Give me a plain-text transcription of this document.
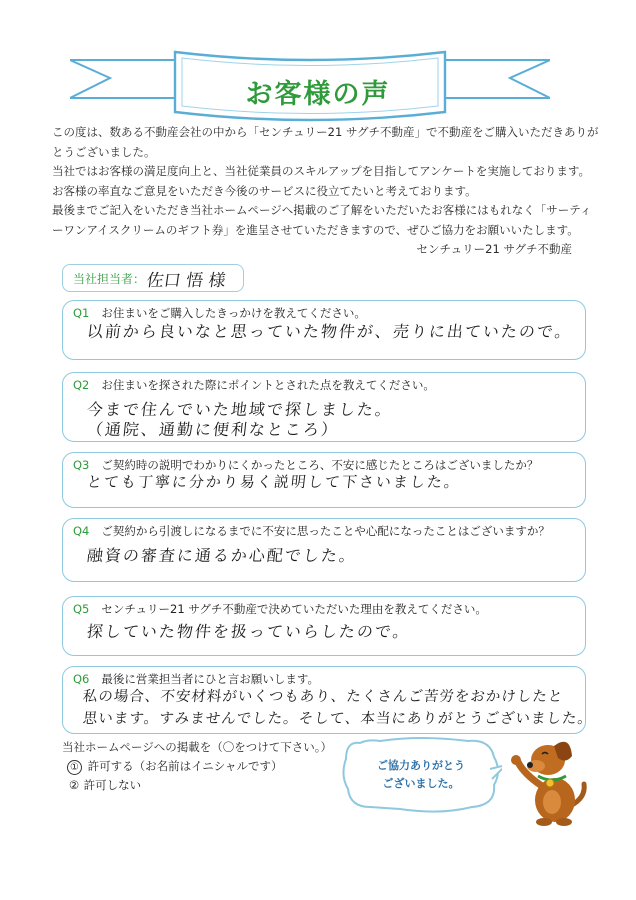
お客様の声

この度は、数ある不動産会社の中から「センチュリー21 サグチ不動産」で不動産をご購入いただきありがとうございました。

当社ではお客様の満足度向上と、当社従業員のスキルアップを目指してアンケートを実施しております。

お客様の率直なご意見をいただき今後のサービスに役立てたいと考えております。

最後までご記入をいただき当社ホームページへ掲載のご了解をいただいたお客様にはもれなく「サーティーワンアイスクリームのギフト券」を進呈させていただきますので、ぜひご協力をお願いいたします。

センチュリー21 サグチ不動産

当社担当者： 佐口 悟 様
Q1 お住まいをご購入したきっかけを教えてください。
以前から良いなと思っていた物件が、売りに出ていたので。
Q2 お住まいを探された際にポイントとされた点を教えてください。
今まで住んでいた地域で探しました。
（通院、通勤に便利なところ）
Q3 ご契約時の説明でわかりにくかったところ、不安に感じたところはございましたか？
とても丁寧に分かり易く説明して下さいました。
Q4 ご契約から引渡しになるまでに不安に思ったことや心配になったことはございますか？
融資の審査に通るか心配でした。
Q5 センチュリー21 サグチ不動産で決めていただいた理由を教えてください。
探していた物件を扱っていらしたので。
Q6 最後に営業担当者にひと言お願いします。
私の場合、不安材料がいくつもあり、たくさんご苦労をおかけしたと
思います。すみませんでした。そして、本当にありがとうございました。
当社ホームページへの掲載を（〇をつけて下さい。）
① 許可する（お名前はイニシャルです）
② 許可しない
ご協力ありがとう
ございました。
